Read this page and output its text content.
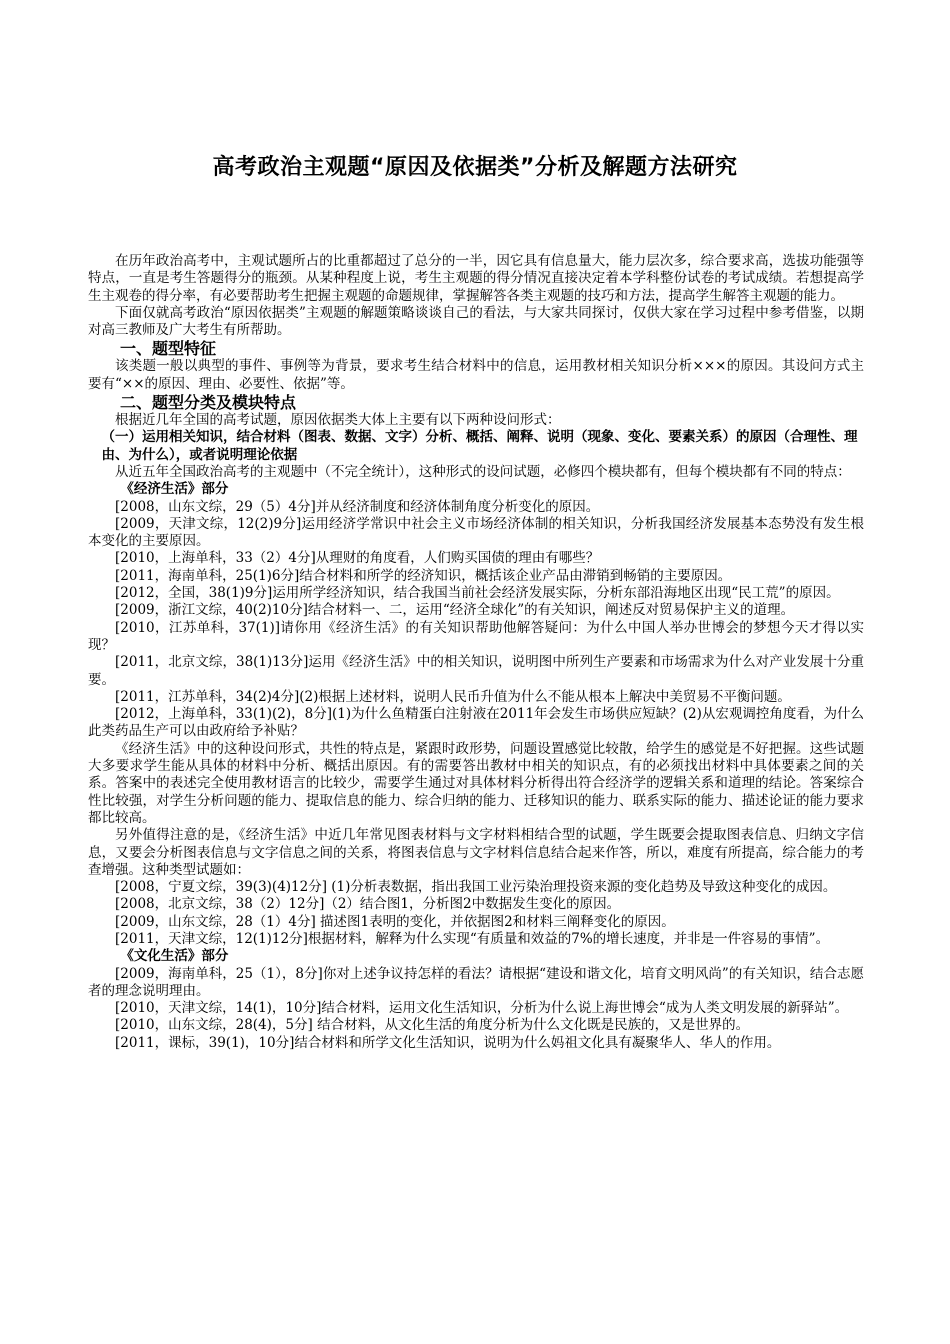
高考政治主观题“原因及依据类”分析及解题方法研究

在历年政治高考中，主观试题所占的比重都超过了总分的一半，因它具有信息量大，能力层次多，综合要求高，选拔功能强等特点，一直是考生答题得分的瓶颈。从某种程度上说，考生主观题的得分情况直接决定着本学科整份试卷的考试成绩。若想提高学生主观卷的得分率，有必要帮助考生把握主观题的命题规律，掌握解答各类主观题的技巧和方法，提高学生解答主观题的能力。

下面仅就高考政治“原因依据类”主观题的解题策略谈谈自己的看法，与大家共同探讨，仅供大家在学习过程中参考借鉴，以期对高三教师及广大考生有所帮助。

一、题型特征

该类题一般以典型的事件、事例等为背景，要求考生结合材料中的信息，运用教材相关知识分析×××的原因。其设问方式主要有“××的原因、理由、必要性、依据”等。

二、题型分类及模块特点

根据近几年全国的高考试题，原因依据类大体上主要有以下两种设问形式：

（一）运用相关知识，结合材料（图表、数据、文字）分析、概括、阐释、说明（现象、变化、要素关系）的原因（合理性、理由、为什么），或者说明理论依据

从近五年全国政治高考的主观题中（不完全统计），这种形式的设问试题，必修四个模块都有，但每个模块都有不同的特点：

《经济生活》部分

[2008，山东文综，29（5）4分]并从经济制度和经济体制角度分析变化的原因。

[2009，天津文综，12(2)9分]运用经济学常识中社会主义市场经济体制的相关知识，分析我国经济发展基本态势没有发生根本变化的主要原因。

[2010，上海单科，33（2）4分]从理财的角度看，人们购买国债的理由有哪些？

[2011，海南单科，25(1)6分]结合材料和所学的经济知识，概括该企业产品由滞销到畅销的主要原因。

[2012，全国，38(1)9分]运用所学经济知识，结合我国当前社会经济发展实际，分析东部沿海地区出现“民工荒”的原因。

[2009，浙江文综，40(2)10分]结合材料一、二，运用“经济全球化”的有关知识，阐述反对贸易保护主义的道理。

[2010，江苏单科，37(1)]请你用《经济生活》的有关知识帮助他解答疑问：为什么中国人举办世博会的梦想今天才得以实现？

[2011，北京文综，38(1)13分]运用《经济生活》中的相关知识，说明图中所列生产要素和市场需求为什么对产业发展十分重要。

[2011，江苏单科，34(2)4分](2)根据上述材料，说明人民币升值为什么不能从根本上解决中美贸易不平衡问题。

[2012，上海单科，33(1)(2)，8分](1)为什么鱼精蛋白注射液在2011年会发生市场供应短缺？(2)从宏观调控角度看，为什么此类药品生产可以由政府给予补贴？

《经济生活》中的这种设问形式，共性的特点是，紧跟时政形势，问题设置感觉比较散，给学生的感觉是不好把握。这些试题大多要求学生能从具体的材料中分析、概括出原因。有的需要答出教材中相关的知识点，有的必须找出材料中具体要素之间的关系。答案中的表述完全使用教材语言的比较少，需要学生通过对具体材料分析得出符合经济学的逻辑关系和道理的结论。答案综合性比较强，对学生分析问题的能力、提取信息的能力、综合归纳的能力、迁移知识的能力、联系实际的能力、描述论证的能力要求都比较高。

另外值得注意的是，《经济生活》中近几年常见图表材料与文字材料相结合型的试题，学生既要会提取图表信息、归纳文字信息，又要会分析图表信息与文字信息之间的关系，将图表信息与文字材料信息结合起来作答，所以，难度有所提高，综合能力的考查增强。这种类型试题如：

[2008，宁夏文综，39(3)(4)12分] (1)分析表数据，指出我国工业污染治理投资来源的变化趋势及导致这种变化的成因。

[2008，北京文综，38（2）12分]（2）结合图1，分析图2中数据发生变化的原因。

[2009，山东文综，28（1）4分] 描述图1表明的变化，并依据图2和材料三阐释变化的原因。

[2011，天津文综，12(1)12分]根据材料，解释为什么实现“有质量和效益的7%的增长速度，并非是一件容易的事情”。

《文化生活》部分

[2009，海南单科，25（1），8分]你对上述争议持怎样的看法？请根据“建设和谐文化，培育文明风尚”的有关知识，结合志愿者的理念说明理由。

[2010，天津文综，14(1)，10分]结合材料，运用文化生活知识，分析为什么说上海世博会“成为人类文明发展的新驿站”。

[2010，山东文综，28(4)，5分] 结合材料，从文化生活的角度分析为什么文化既是民族的，又是世界的。

[2011，课标，39(1)，10分]结合材料和所学文化生活知识，说明为什么妈祖文化具有凝聚华人、华人的作用。
